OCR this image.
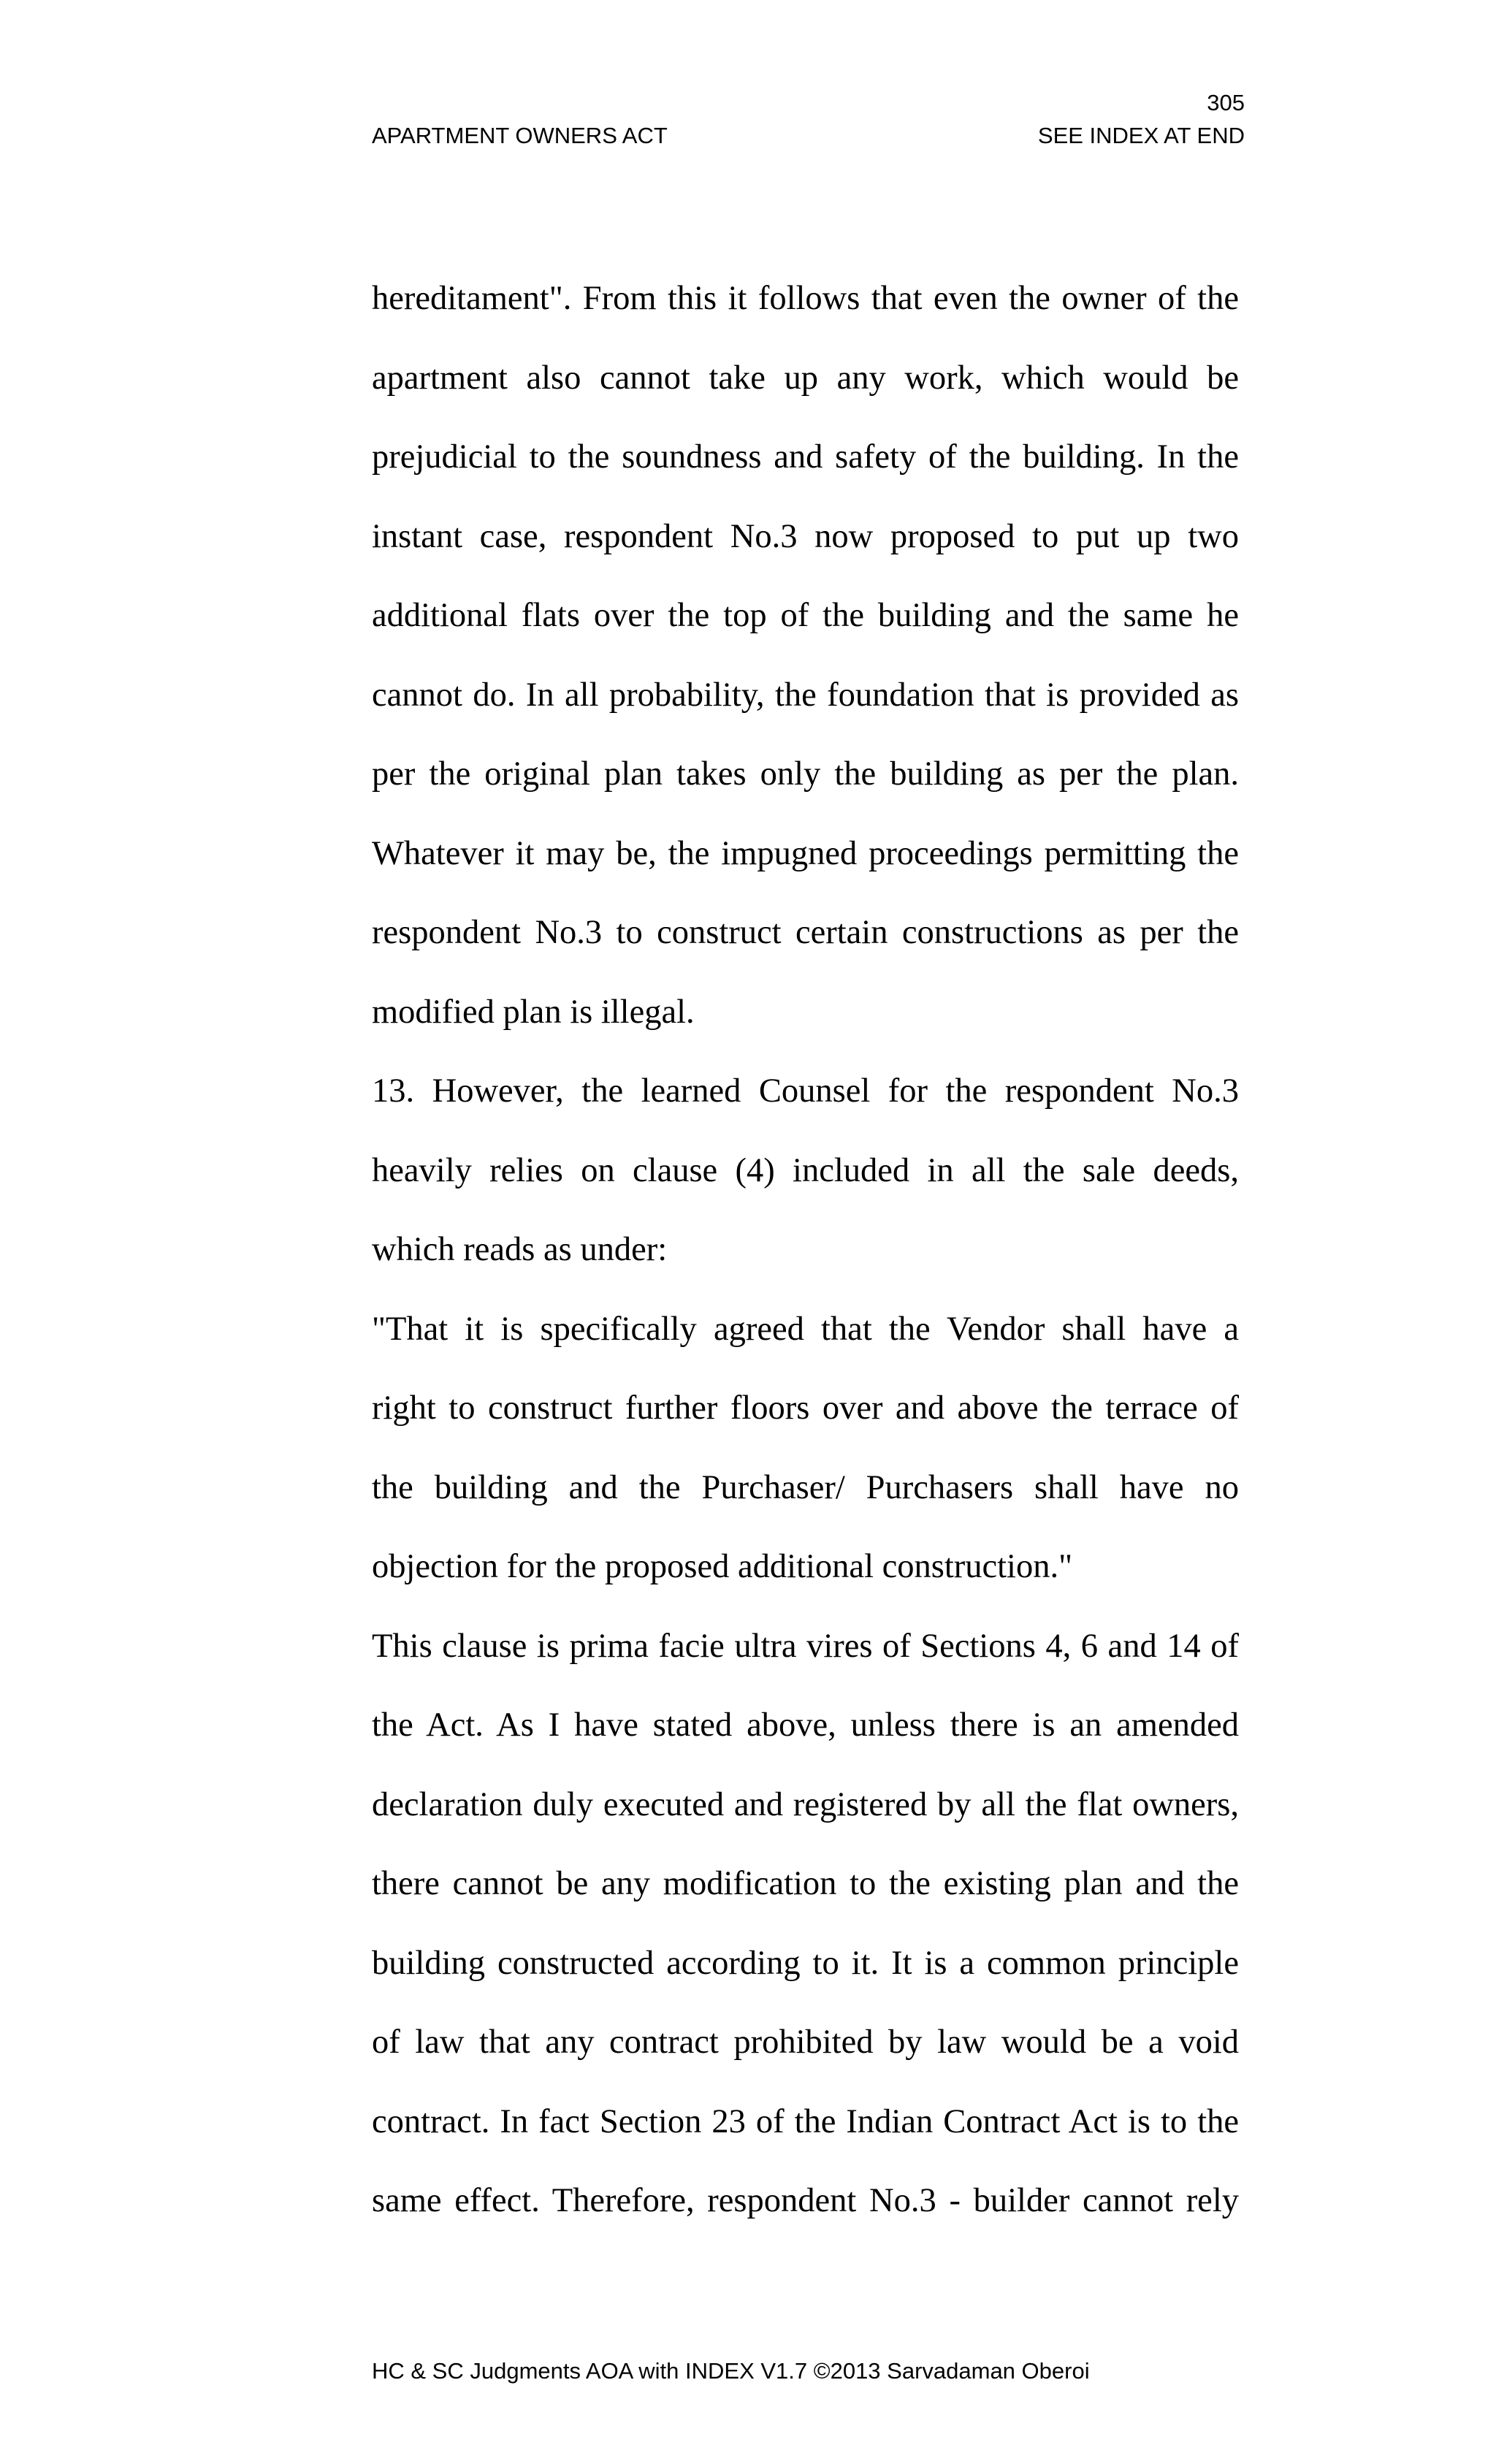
305
APARTMENT OWNERS ACT	SEE INDEX AT END
hereditament". From this it follows that even the owner of the
apartment also cannot take up any work, which would be
prejudicial to the soundness and safety of the building. In the
instant case, respondent No.3 now proposed to put up two
additional flats over the top of the building and the same he
cannot do. In all probability, the foundation that is provided as
per the original plan takes only the building as per the plan.
Whatever it may be, the impugned proceedings permitting the
respondent No.3 to construct certain constructions as per the
modified plan is illegal.
13. However, the learned Counsel for the respondent No.3
heavily relies on clause (4) included in all the sale deeds,
which reads as under:
"That it is specifically agreed that the Vendor shall have a
right to construct further floors over and above the terrace of
the building and the Purchaser/ Purchasers shall have no
objection for the proposed additional construction."
This clause is prima facie ultra vires of Sections 4, 6 and 14 of
the Act. As I have stated above, unless there is an amended
declaration duly executed and registered by all the flat owners,
there cannot be any modification to the existing plan and the
building constructed according to it. It is a common principle
of law that any contract prohibited by law would be a void
contract. In fact Section 23 of the Indian Contract Act is to the
same effect. Therefore, respondent No.3 - builder cannot rely
HC & SC Judgments AOA with INDEX V1.7 ©2013 Sarvadaman Oberoi
